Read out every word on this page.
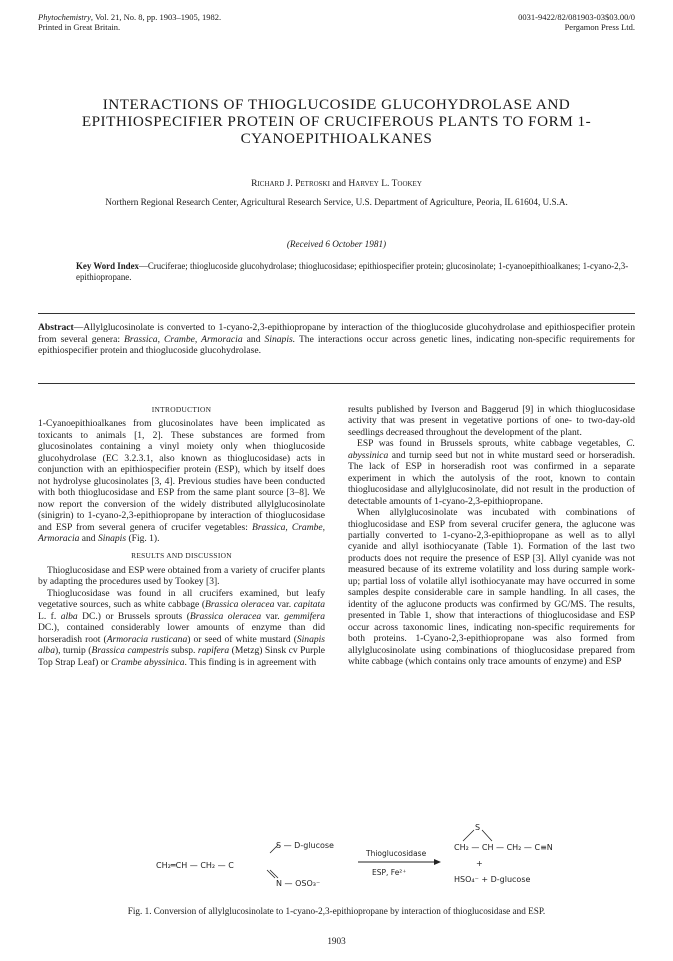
Phytochemistry, Vol. 21, No. 8, pp. 1903–1905, 1982.
Printed in Great Britain.
0031-9422/82/081903-03$03.00/0
Pergamon Press Ltd.
INTERACTIONS OF THIOGLUCOSIDE GLUCOHYDROLASE AND EPITHIOSPECIFIER PROTEIN OF CRUCIFEROUS PLANTS TO FORM 1-CYANOEPITHIOALKANES
Richard J. Petroski and Harvey L. Tookey
Northern Regional Research Center, Agricultural Research Service, U.S. Department of Agriculture, Peoria, IL 61604, U.S.A.
(Received 6 October 1981)
Key Word Index—Cruciferae; thioglucoside glucohydrolase; thioglucosidase; epithiospecifier protein; glucosinolate; 1-cyanoepithioalkanes; 1-cyano-2,3-epithiopropane.
Abstract—Allylglucosinolate is converted to 1-cyano-2,3-epithiopropane by interaction of the thioglucoside glucohydrolase and epithiospecifier protein from several genera: Brassica, Crambe, Armoracia and Sinapis. The interactions occur across genetic lines, indicating non-specific requirements for epithiospecifier protein and thioglucoside glucohydrolase.
INTRODUCTION

1-Cyanoepithioalkanes from glucosinolates have been implicated as toxicants to animals [1, 2]. These substances are formed from glucosinolates containing a vinyl moiety only when thioglucoside glucohydrolase (EC 3.2.3.1, also known as thioglucosidase) acts in conjunction with an epithiospecifier protein (ESP), which by itself does not hydrolyse glucosinolates [3, 4]. Previous studies have been conducted with both thioglucosidase and ESP from the same plant source [3–8]. We now report the conversion of the widely distributed allylglucosinolate (sinigrin) to 1-cyano-2,3-epithiopropane by interaction of thioglucosidase and ESP from several genera of crucifer vegetables: Brassica, Crambe, Armoracia and Sinapis (Fig. 1).

RESULTS AND DISCUSSION

Thioglucosidase and ESP were obtained from a variety of crucifer plants by adapting the procedures used by Tookey [3].

Thioglucosidase was found in all crucifers examined, but leafy vegetative sources, such as white cabbage (Brassica oleracea var. capitata L. f. alba DC.) or Brussels sprouts (Brassica oleracea var. gemmifera DC.), contained considerably lower amounts of enzyme than did horseradish root (Armoracia rusticana) or seed of white mustard (Sinapis alba), turnip (Brassica campestris subsp. rapifera (Metzg) Sinsk cv Purple Top Strap Leaf) or Crambe abyssinica. This finding is in agreement with

results published by Iverson and Baggerud [9] in which thioglucosidase activity that was present in vegetative portions of one- to two-day-old seedlings decreased throughout the development of the plant.

ESP was found in Brussels sprouts, white cabbage vegetables, C. abyssinica and turnip seed but not in white mustard seed or horseradish. The lack of ESP in horseradish root was confirmed in a separate experiment in which the autolysis of the root, known to contain thioglucosidase and allylglucosinolate, did not result in the production of detectable amounts of 1-cyano-2,3-epithiopropane.

When allylglucosinolate was incubated with combinations of thioglucosidase and ESP from several crucifer genera, the aglucone was partially converted to 1-cyano-2,3-epithiopropane as well as to allyl cyanide and allyl isothiocyanate (Table 1). Formation of the last two products does not require the presence of ESP [3]. Allyl cyanide was not measured because of its extreme volatility and loss during sample work-up; partial loss of volatile allyl isothiocyanate may have occurred in some samples despite considerable care in sample handling. In all cases, the identity of the aglucone products was confirmed by GC/MS. The results, presented in Table 1, show that interactions of thioglucosidase and ESP occur across taxonomic lines, indicating non-specific requirements for both proteins. 1-Cyano-2,3-epithiopropane was also formed from allylglucosinolate using combinations of thioglucosidase prepared from white cabbage (which contains only trace amounts of enzyme) and ESP

S — D-glucose
CH₂═CH — CH₂ — C
N — OSO₃⁻
Thioglucosidase
ESP, Fe²⁺
S
CH₂ — CH — CH₂ — C≡N
+
HSO₄⁻ + D-glucose
Fig. 1. Conversion of allylglucosinolate to 1-cyano-2,3-epithiopropane by interaction of thioglucosidase and ESP.
1903
